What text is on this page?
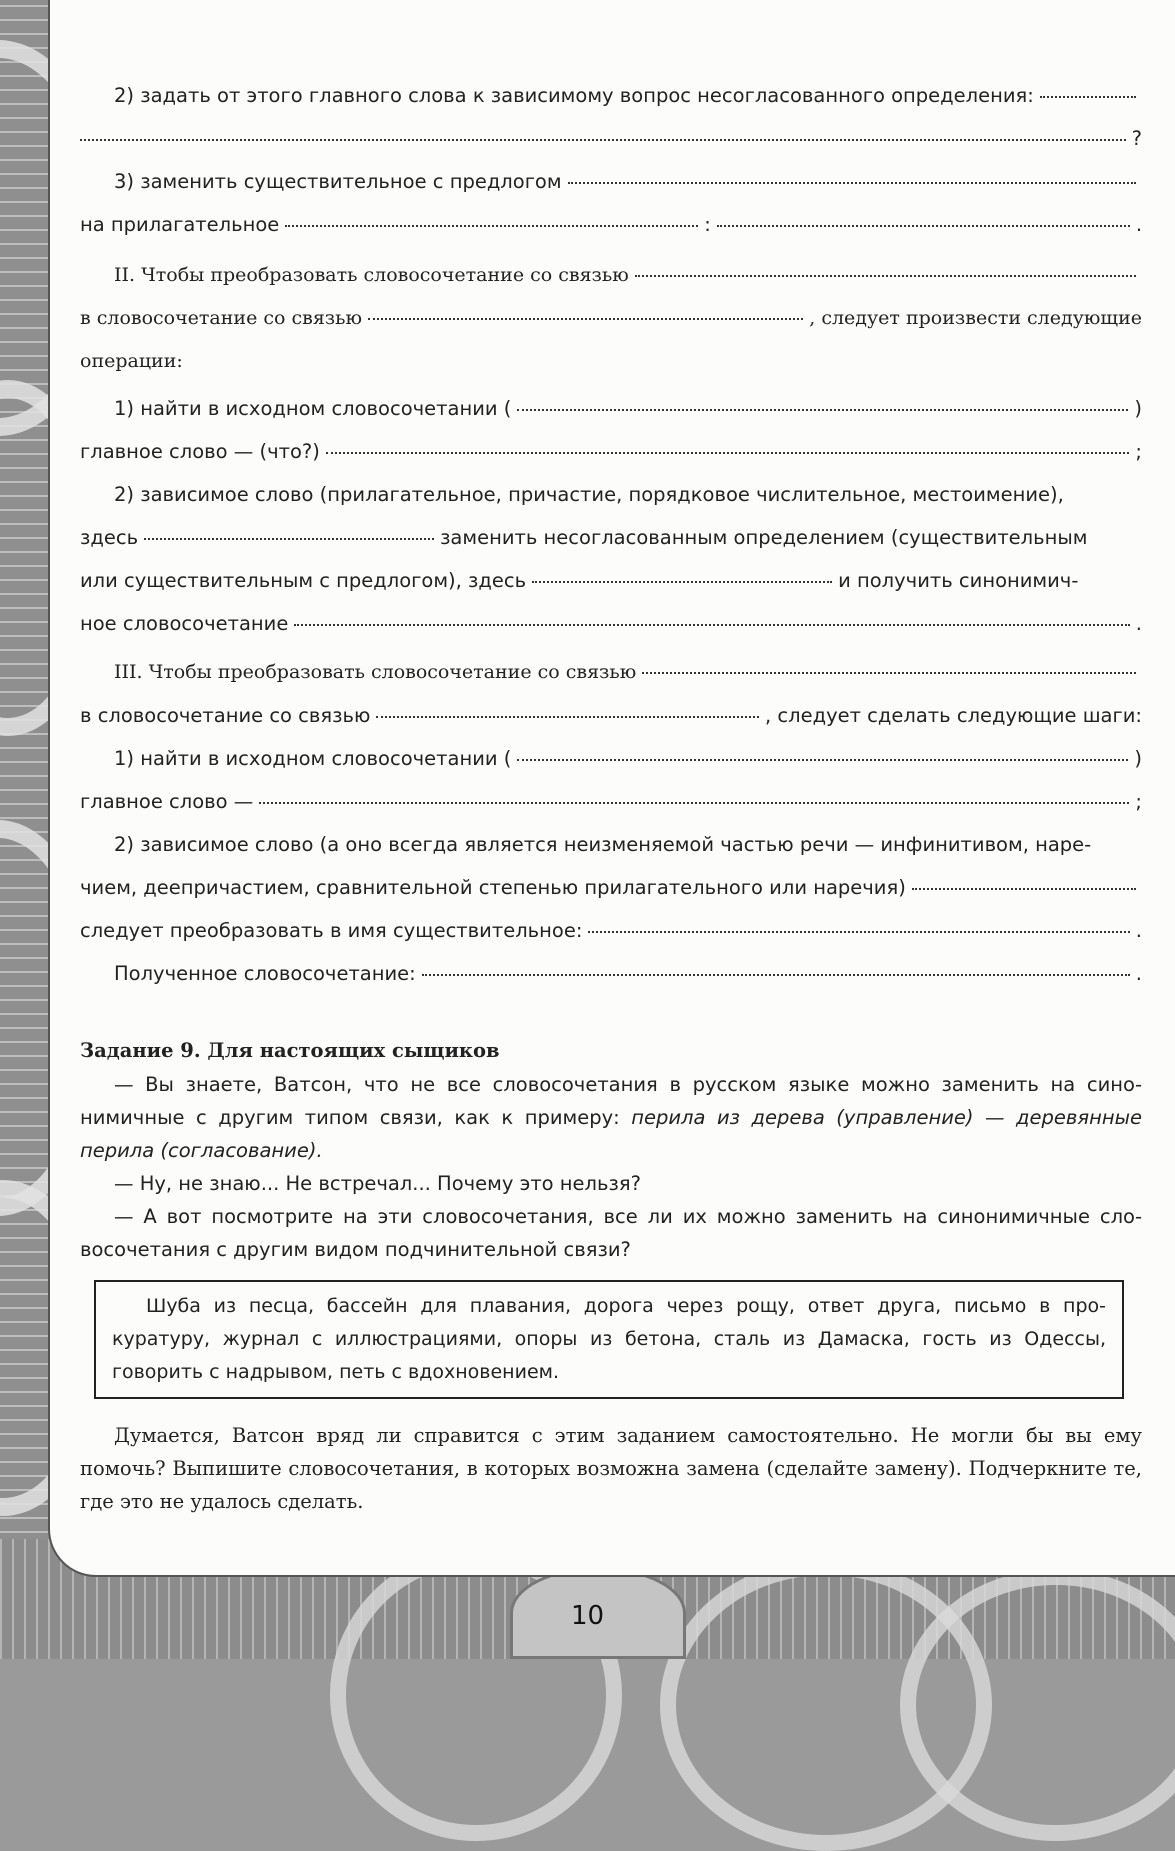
10
2) задать от этого главного слова к зависимому вопрос несогласованного определения:
?
3) заменить существительное с предлогом
на прилагательное	:	.
II. Чтобы преобразовать словосочетание со связью
в словосочетание со связью	, следует произвести следующие
операции:
1) найти в исходном словосочетании (	)
главное слово — (что?)	;
2) зависимое слово (прилагательное, причастие, порядковое числительное, местоимение),
здесь	заменить несогласованным определением (существительным
или существительным с предлогом), здесь	и получить синонимич-
ное словосочетание	.
III. Чтобы преобразовать словосочетание со связью
в словосочетание со связью	, следует сделать следующие шаги:
1) найти в исходном словосочетании (	)
главное слово —	;
2) зависимое слово (а оно всегда является неизменяемой частью речи — инфинитивом, наре-
чием, деепричастием, сравнительной степенью прилагательного или наречия)
следует преобразовать в имя существительное:	.
Полученное словосочетание:	.
Задание 9. Для настоящих сыщиков
— Вы знаете, Ватсон, что не все словосочетания в русском языке можно заменить на сино-нимичные с другим типом связи, как к примеру: перила из дерева (управление) — деревянные перила (согласование).
— Ну, не знаю... Не встречал... Почему это нельзя?
— А вот посмотрите на эти словосочетания, все ли их можно заменить на синонимичные сло-восочетания с другим видом подчинительной связи?

Шуба из песца, бассейн для плавания, дорога через рощу, ответ друга, письмо в про-куратуру, журнал с иллюстрациями, опоры из бетона, сталь из Дамаска, гость из Одессы, говорить с надрывом, петь с вдохновением.

Думается, Ватсон вряд ли справится с этим заданием самостоятельно. Не могли бы вы ему помочь? Выпишите словосочетания, в которых возможна замена (сделайте замену). Подчеркните те, где это не удалось сделать.
